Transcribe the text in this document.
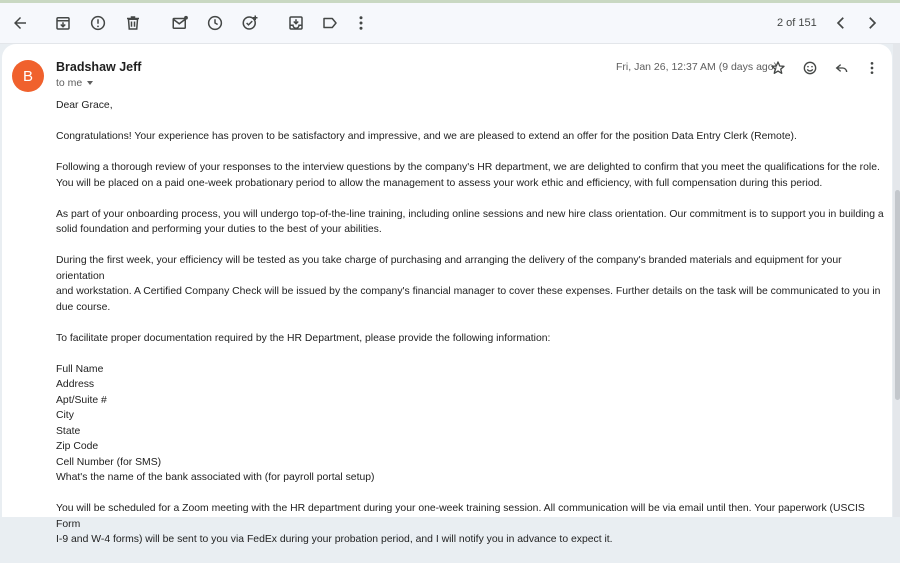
2 of 151
B
Bradshaw Jeff
to me
Fri, Jan 26, 12:37 AM (9 days ago)

Dear Grace,

Congratulations! Your experience has proven to be satisfactory and impressive, and we are pleased to extend an offer for the position Data Entry Clerk (Remote).

Following a thorough review of your responses to the interview questions by the company's HR department, we are delighted to confirm that you meet the qualifications for the role.
You will be placed on a paid one-week probationary period to allow the management to assess your work ethic and efficiency, with full compensation during this period.

As part of your onboarding process, you will undergo top-of-the-line training, including online sessions and new hire class orientation. Our commitment is to support you in building a
solid foundation and performing your duties to the best of your abilities.

During the first week, your efficiency will be tested as you take charge of purchasing and arranging the delivery of the company's branded materials and equipment for your orientation
and workstation. A Certified Company Check will be issued by the company's financial manager to cover these expenses. Further details on the task will be communicated to you in
due course.

To facilitate proper documentation required by the HR Department, please provide the following information:

Full Name
Address
Apt/Suite #
City
State
Zip Code
Cell Number (for SMS)
What's the name of the bank associated with (for payroll portal setup)

You will be scheduled for a Zoom meeting with the HR department during your one-week training session. All communication will be via email until then. Your paperwork (USCIS Form
I-9 and W-4 forms) will be sent to you via FedEx during your probation period, and I will notify you in advance to expect it.
